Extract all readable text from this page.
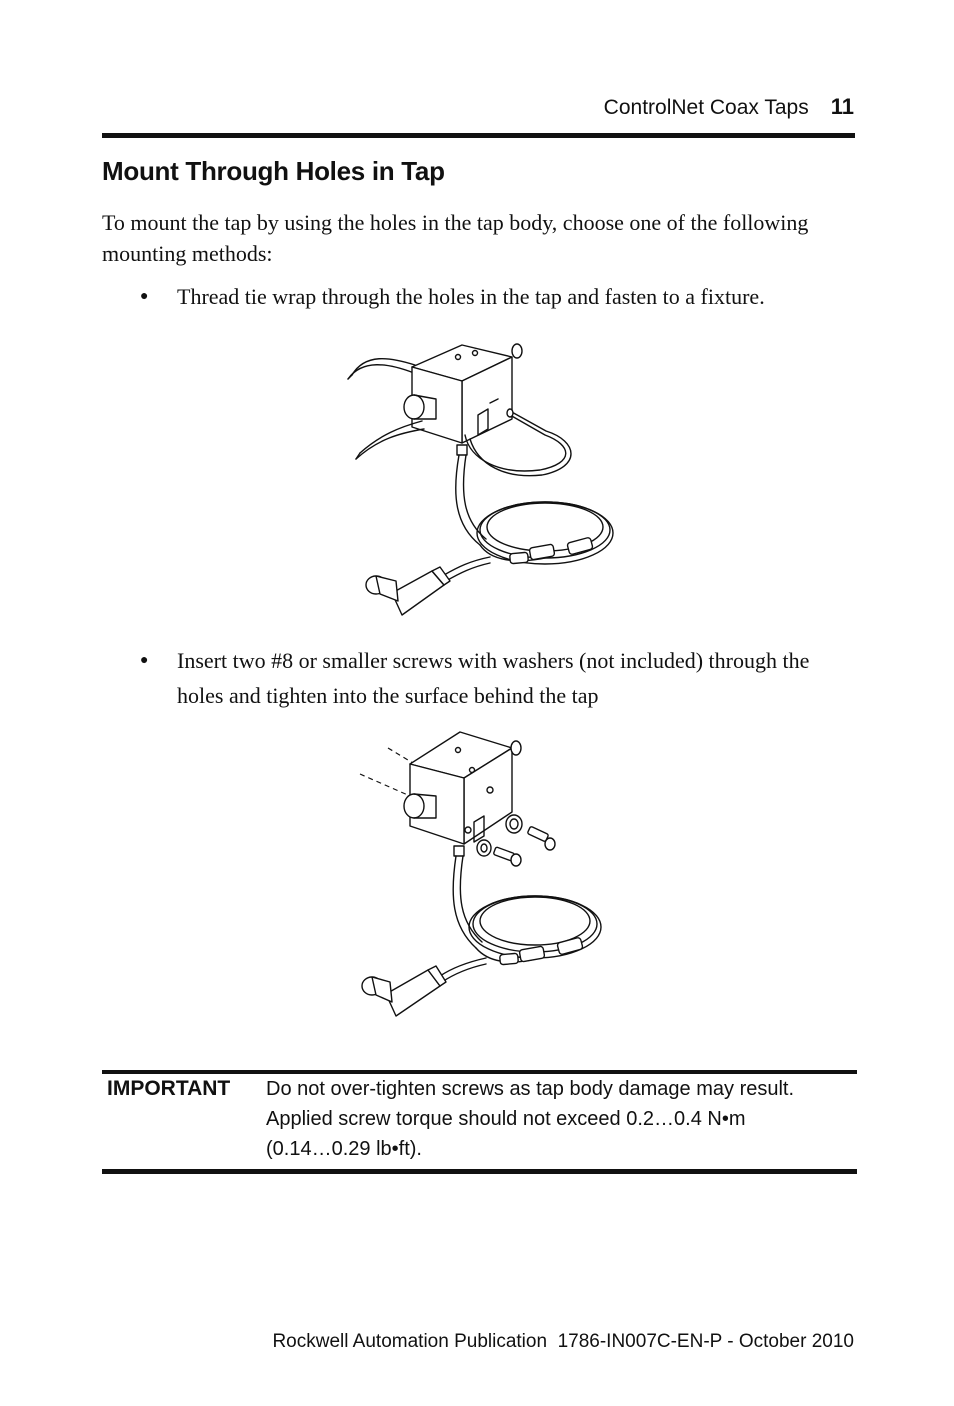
ControlNet Coax Taps 11
Mount Through Holes in Tap

To mount the tap by using the holes in the tap body, choose one of the following mounting methods:

●	Thread tie wrap through the holes in the tap and fasten to a fixture.
●	Insert two #8 or smaller screws with washers (not included) through the holes and tighten into the surface behind the tap
IMPORTANT Do not over-tighten screws as tap body damage may result.
Applied screw torque should not exceed 0.2…0.4 N•m
(0.14…0.29 lb•ft).
Rockwell Automation Publication  1786-IN007C-EN-P - October 2010
